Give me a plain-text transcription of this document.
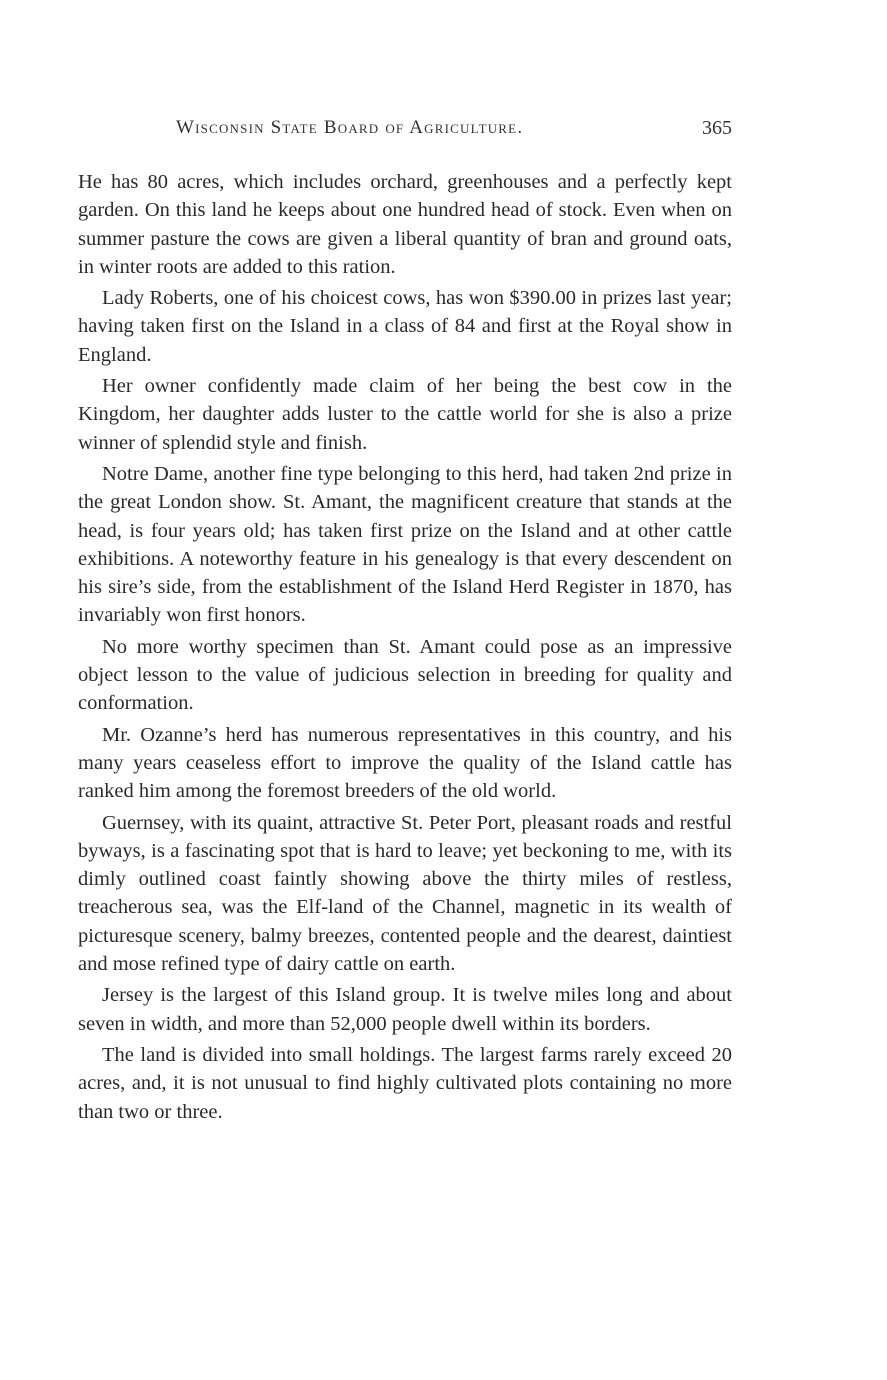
Wisconsin State Board of Agriculture.	365

He has 80 acres, which includes orchard, greenhouses and a perfectly kept garden. On this land he keeps about one hundred head of stock. Even when on summer pasture the cows are given a liberal quantity of bran and ground oats, in winter roots are added to this ration.

Lady Roberts, one of his choicest cows, has won $390.00 in prizes last year; having taken first on the Island in a class of 84 and first at the Royal show in England.

Her owner confidently made claim of her being the best cow in the Kingdom, her daughter adds luster to the cattle world for she is also a prize winner of splendid style and finish.

Notre Dame, another fine type belonging to this herd, had taken 2nd prize in the great London show. St. Amant, the magnificent creature that stands at the head, is four years old; has taken first prize on the Island and at other cattle exhibitions. A noteworthy feature in his genealogy is that every descendent on his sire’s side, from the establishment of the Island Herd Register in 1870, has invariably won first honors.

No more worthy specimen than St. Amant could pose as an impressive object lesson to the value of judicious selection in breeding for quality and conformation.

Mr. Ozanne’s herd has numerous representatives in this country, and his many years ceaseless effort to improve the quality of the Island cattle has ranked him among the foremost breeders of the old world.

Guernsey, with its quaint, attractive St. Peter Port, pleasant roads and restful byways, is a fascinating spot that is hard to leave; yet beckoning to me, with its dimly outlined coast faintly showing above the thirty miles of restless, treacherous sea, was the Elf-land of the Channel, magnetic in its wealth of picturesque scenery, balmy breezes, contented people and the dearest, daintiest and mose refined type of dairy cattle on earth.

Jersey is the largest of this Island group. It is twelve miles long and about seven in width, and more than 52,000 people dwell within its borders.

The land is divided into small holdings. The largest farms rarely exceed 20 acres, and, it is not unusual to find highly cultivated plots containing no more than two or three.
